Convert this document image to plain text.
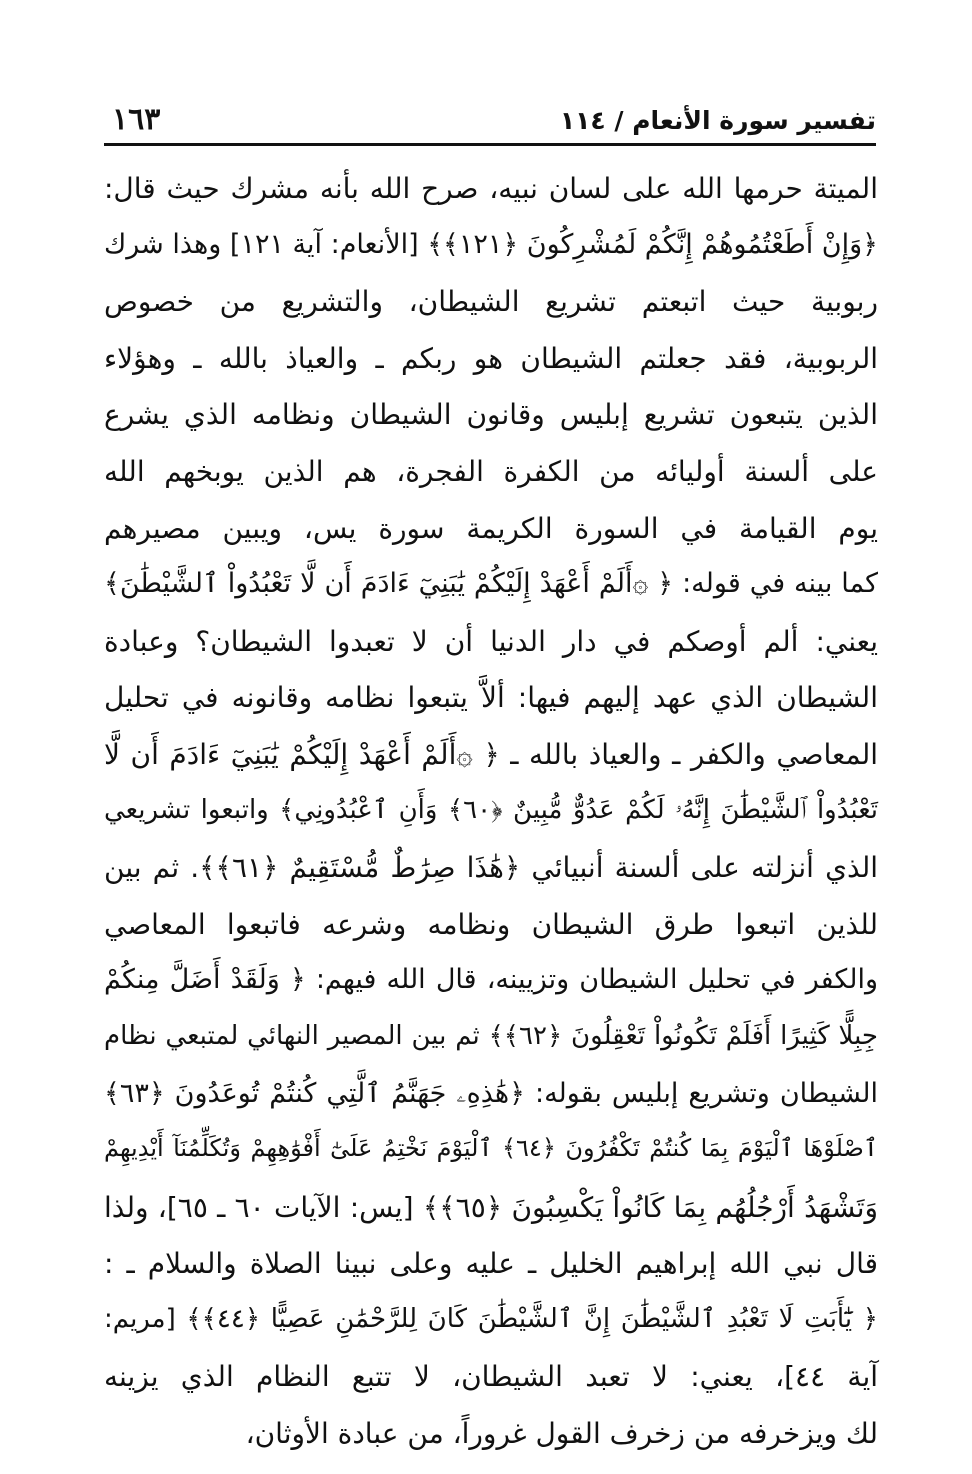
١٦٣	تفسير سورة الأنعام / ١١٤
الميتة حرمها الله على لسان نبيه، صرح الله بأنه مشرك حيث قال:
﴿وَإِنْ أَطَعْتُمُوهُمْ إِنَّكُمْ لَمُشْرِكُونَ ﴿١٢١﴾﴾ [الأنعام: آية ١٢١] وهذا شرك
ربوبية حيث اتبعتم تشريع الشيطان، والتشريع من خصوص
الربوبية، فقد جعلتم الشيطان هو ربكم ـ والعياذ بالله ـ وهؤلاء
الذين يتبعون تشريع إبليس وقانون الشيطان ونظامه الذي يشرع
على ألسنة أوليائه من الكفرة الفجرة، هم الذين يوبخهم الله
يوم القيامة في السورة الكريمة سورة يس، ويبين مصيرهم
كما بينه في قوله: ﴿ ۞أَلَمْ أَعْهَدْ إِلَيْكُمْ يَٰبَنِيٓ ءَادَمَ أَن لَّا تَعْبُدُواْ ٱلشَّيْطَٰنَ﴾
يعني: ألم أوصكم في دار الدنيا أن لا تعبدوا الشيطان؟ وعبادة
الشيطان الذي عهد إليهم فيها: ألاَّ يتبعوا نظامه وقانونه في تحليل
المعاصي والكفر ـ والعياذ بالله ـ ﴿ ۞أَلَمْ أَعْهَدْ إِلَيْكُمْ يَٰبَنِيٓ ءَادَمَ أَن لَّا
تَعْبُدُواْ ٱلشَّيْطَٰنَ إِنَّهُۥ لَكُمْ عَدُوٌّ مُّبِينٌ ﴿٦٠﴾ وَأَنِ ٱعْبُدُونِي﴾ واتبعوا تشريعي
الذي أنزلته على ألسنة أنبيائي ﴿هَٰذَا صِرَٰطٌ مُّسْتَقِيمٌ ﴿٦١﴾﴾. ثم بين
للذين اتبعوا طرق الشيطان ونظامه وشرعه فاتبعوا المعاصي
والكفر في تحليل الشيطان وتزيينه، قال الله فيهم: ﴿ وَلَقَدْ أَضَلَّ مِنكُمْ
جِبِلًّا كَثِيرًا أَفَلَمْ تَكُونُواْ تَعْقِلُونَ ﴿٦٢﴾﴾ ثم بين المصير النهائي لمتبعي نظام
الشيطان وتشريع إبليس بقوله: ﴿هَٰذِهِۦ جَهَنَّمُ ٱلَّتِي كُنتُمْ تُوعَدُونَ ﴿٦٣﴾
ٱصْلَوْهَا ٱلْيَوْمَ بِمَا كُنتُمْ تَكْفُرُونَ ﴿٦٤﴾ ٱلْيَوْمَ نَخْتِمُ عَلَىٰٓ أَفْوَٰهِهِمْ وَتُكَلِّمُنَآ أَيْدِيهِمْ
وَتَشْهَدُ أَرْجُلُهُم بِمَا كَانُواْ يَكْسِبُونَ ﴿٦٥﴾﴾ [يس: الآيات ٦٠ ـ ٦٥]، ولذا
قال نبي الله إبراهيم الخليل ـ عليه وعلى نبينا الصلاة والسلام ـ :
﴿ يَٰٓأَبَتِ لَا تَعْبُدِ ٱلشَّيْطَٰنَ إِنَّ ٱلشَّيْطَٰنَ كَانَ لِلرَّحْمَٰنِ عَصِيًّا ﴿٤٤﴾﴾ [مريم:
آية ٤٤]، يعني: لا تعبد الشيطان، لا تتبع النظام الذي يزينه
لك ويزخرفه من زخرف القول غروراً، من عبادة الأوثان،
